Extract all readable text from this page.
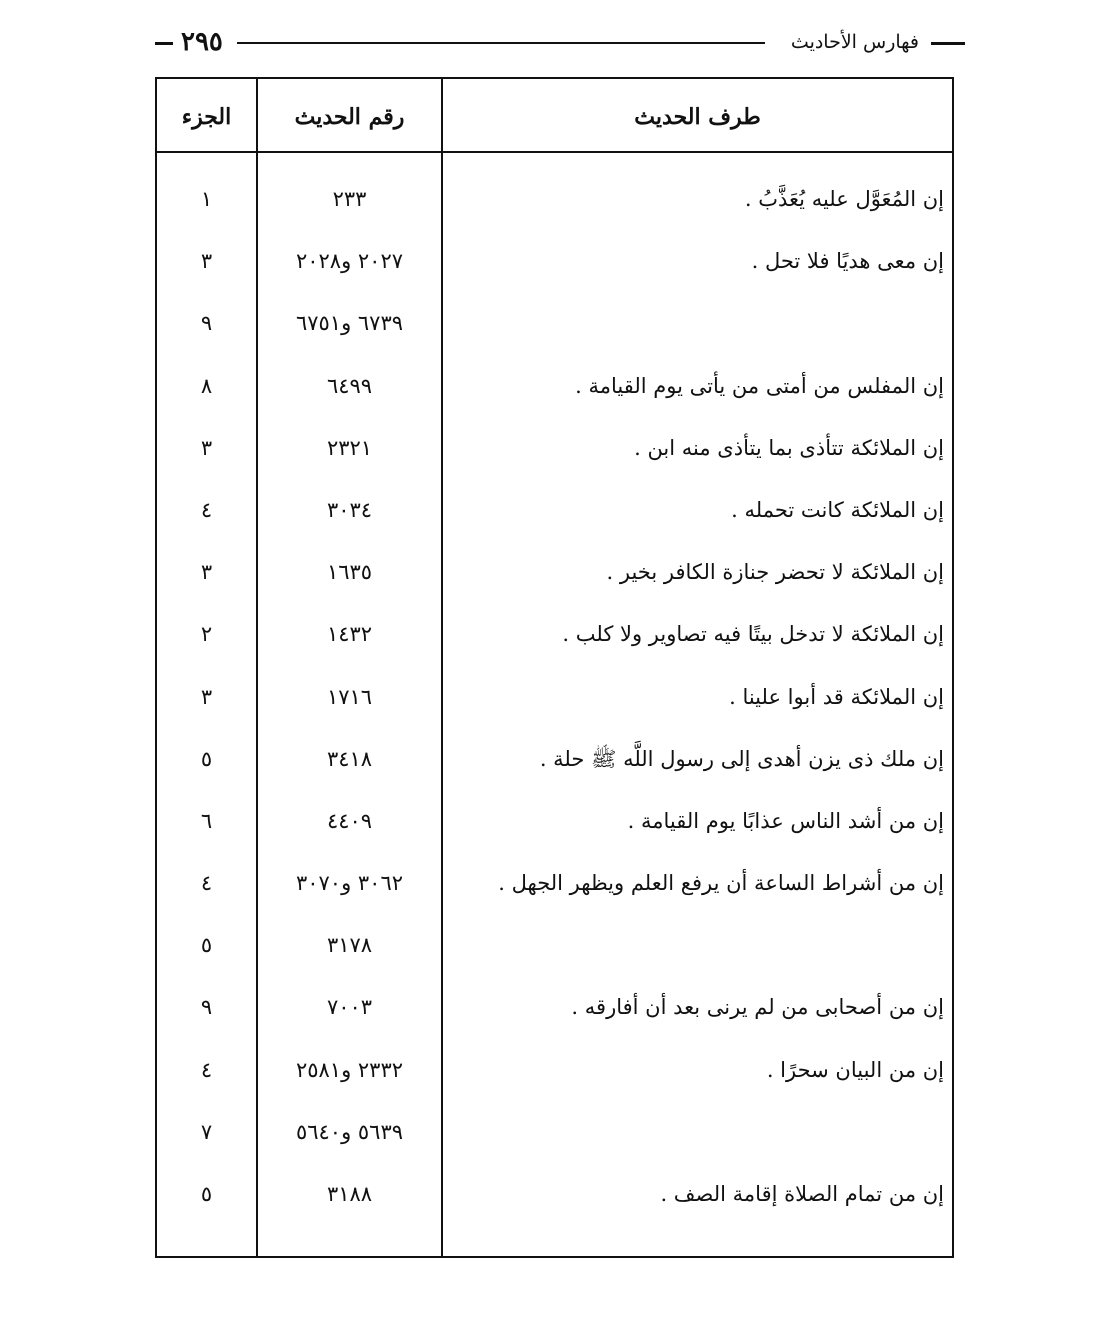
فهارس الأحاديث
٢٩٥
طرف الحديث
رقم الحديث
الجزء
إن المُعَوَّل عليه يُعَذَّبُ .
٢٣٣
١
إن معى هديًا فلا تحل .
٢٠٢٧ و٢٠٢٨
٣
٦٧٣٩ و٦٧٥١
٩
إن المفلس من أمتى من يأتى يوم القيامة .
٦٤٩٩
٨
إن الملائكة تتأذى بما يتأذى منه ابن .
٢٣٢١
٣
إن الملائكة كانت تحمله .
٣٠٣٤
٤
إن الملائكة لا تحضر جنازة الكافر بخير .
١٦٣٥
٣
إن الملائكة لا تدخل بيتًا فيه تصاوير ولا كلب .
١٤٣٢
٢
إن الملائكة قد أبوا علينا .
١٧١٦
٣
إن ملك ذى يزن أهدى إلى رسول اللَّه ﷺ حلة .
٣٤١٨
٥
إن من أشد الناس عذابًا يوم القيامة .
٤٤٠٩
٦
إن من أشراط الساعة أن يرفع العلم ويظهر الجهل .
٣٠٦٢ و٣٠٧٠
٤
٣١٧٨
٥
إن من أصحابى من لم يرنى بعد أن أفارقه .
٧٠٠٣
٩
إن من البيان سحرًا .
٢٣٣٢ و٢٥٨١
٤
٥٦٣٩ و٥٦٤٠
٧
إن من تمام الصلاة إقامة الصف .
٣١٨٨
٥
